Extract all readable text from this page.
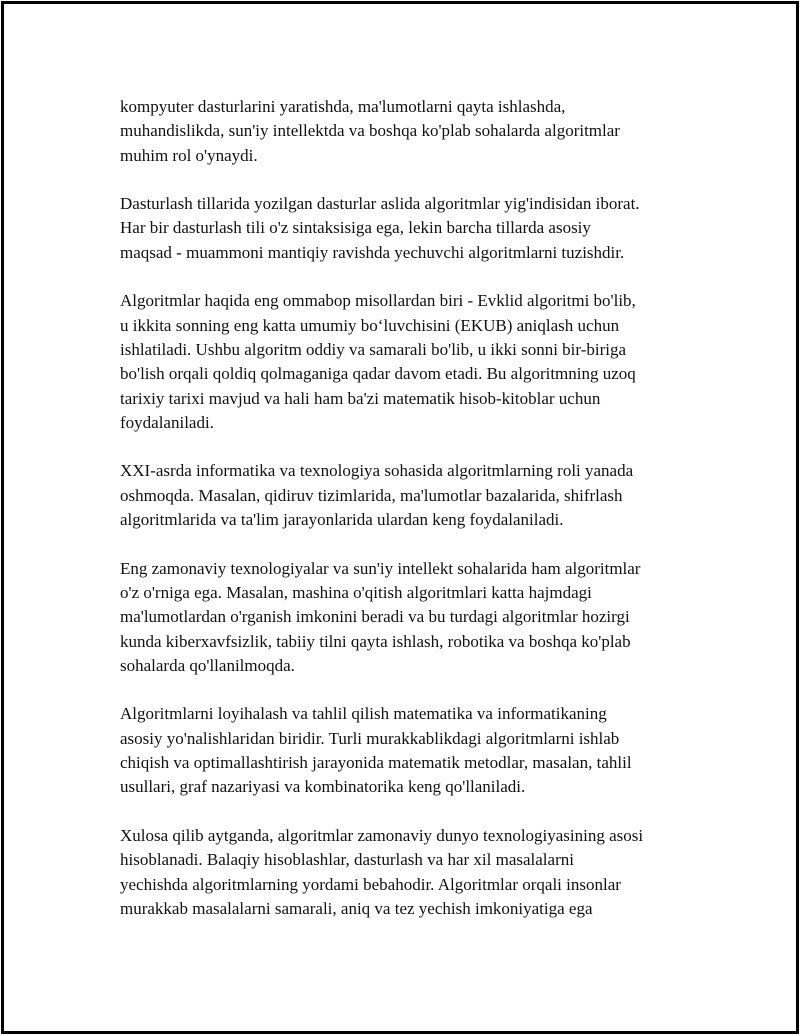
kompyuter dasturlarini yaratishda, ma'lumotlarni qayta ishlashda,
muhandislikda, sun'iy intellektda va boshqa ko'plab sohalarda algoritmlar
muhim rol o'ynaydi.

Dasturlash tillarida yozilgan dasturlar aslida algoritmlar yig'indisidan iborat.
Har bir dasturlash tili o'z sintaksisiga ega, lekin barcha tillarda asosiy
maqsad - muammoni mantiqiy ravishda yechuvchi algoritmlarni tuzishdir.

Algoritmlar haqida eng ommabop misollardan biri - Evklid algoritmi bo'lib,
u ikkita sonning eng katta umumiy bo‘luvchisini (EKUB) aniqlash uchun
ishlatiladi. Ushbu algoritm oddiy va samarali bo'lib, u ikki sonni bir-biriga
bo'lish orqali qoldiq qolmaganiga qadar davom etadi. Bu algoritmning uzoq
tarixiy tarixi mavjud va hali ham ba'zi matematik hisob-kitoblar uchun
foydalaniladi.

XXI-asrda informatika va texnologiya sohasida algoritmlarning roli yanada
oshmoqda. Masalan, qidiruv tizimlarida, ma'lumotlar bazalarida, shifrlash
algoritmlarida va ta'lim jarayonlarida ulardan keng foydalaniladi.

Eng zamonaviy texnologiyalar va sun'iy intellekt sohalarida ham algoritmlar
o'z o'rniga ega. Masalan, mashina o'qitish algoritmlari katta hajmdagi
ma'lumotlardan o'rganish imkonini beradi va bu turdagi algoritmlar hozirgi
kunda kiberxavfsizlik, tabiiy tilni qayta ishlash, robotika va boshqa ko'plab
sohalarda qo'llanilmoqda.

Algoritmlarni loyihalash va tahlil qilish matematika va informatikaning
asosiy yo'nalishlaridan biridir. Turli murakkablikdagi algoritmlarni ishlab
chiqish va optimallashtirish jarayonida matematik metodlar, masalan, tahlil
usullari, graf nazariyasi va kombinatorika keng qo'llaniladi.

Xulosa qilib aytganda, algoritmlar zamonaviy dunyo texnologiyasining asosi
hisoblanadi. Balaqiy hisoblashlar, dasturlash va har xil masalalarni
yechishda algoritmlarning yordami bebahodir. Algoritmlar orqali insonlar
murakkab masalalarni samarali, aniq va tez yechish imkoniyatiga ega
